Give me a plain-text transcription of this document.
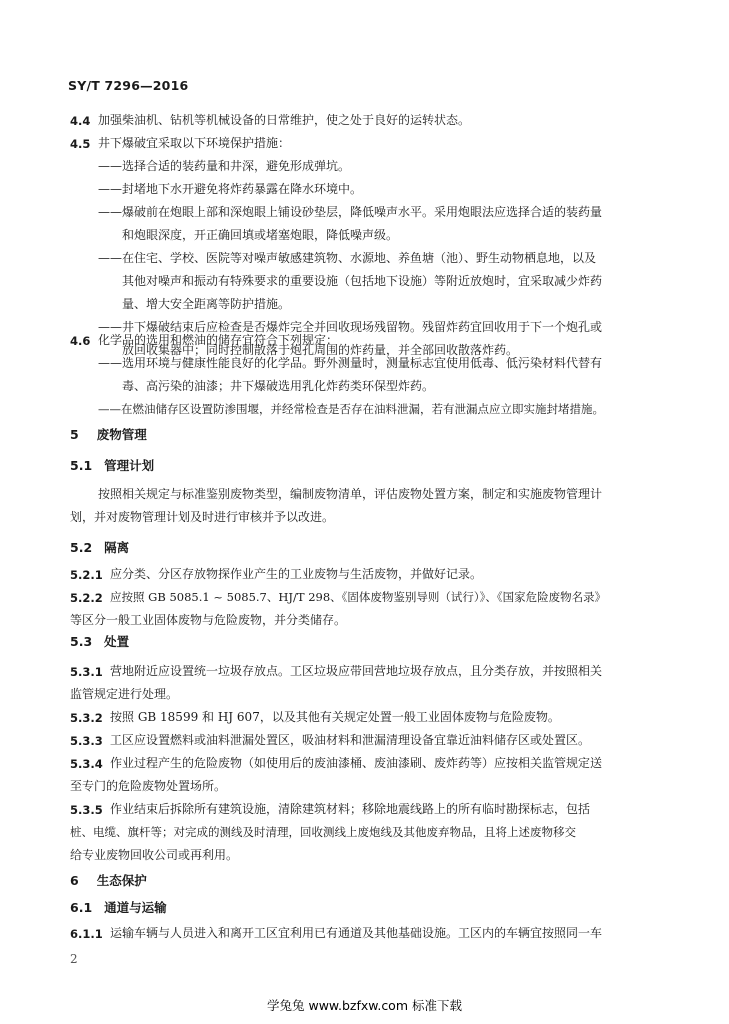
SY/T 7296—2016
4.4 加强柴油机、钻机等机械设备的日常维护，使之处于良好的运转状态。
4.5 井下爆破宜采取以下环境保护措施：
——选择合适的装药量和井深，避免形成弹坑。
——封堵地下水开避免将炸药暴露在降水环境中。
——爆破前在炮眼上部和深炮眼上铺设砂垫层，降低噪声水平。采用炮眼法应选择合适的装药量
和炮眼深度，开正确回填或堵塞炮眼，降低噪声级。
——在住宅、学校、医院等对噪声敏感建筑物、水源地、养鱼塘（池）、野生动物栖息地，以及
其他对噪声和振动有特殊要求的重要设施（包括地下设施）等附近放炮时，宜采取减少炸药
量、增大安全距离等防护措施。
——井下爆破结束后应检查是否爆炸完全并回收现场残留物。残留炸药宜回收用于下一个炮孔或
放回收集器中；同时控制散落于炮孔周围的炸药量，并全部回收散落炸药。
4.6 化学品的选用和燃油的储存宜符合下列规定：
——选用环境与健康性能良好的化学品。野外测量时，测量标志宜使用低毒、低污染材料代替有
毒、高污染的油漆；井下爆破选用乳化炸药类环保型炸药。
——在燃油储存区设置防渗围堰，并经常检查是否存在油料泄漏，若有泄漏点应立即实施封堵措施。
5 废物管理
5.1 管理计划
按照相关规定与标准鉴别废物类型，编制废物清单，评估废物处置方案，制定和实施废物管理计
划，并对废物管理计划及时进行审核并予以改进。
5.2 隔离
5.2.1 应分类、分区存放物探作业产生的工业废物与生活废物，并做好记录。
5.2.2 应按照 GB 5085.1 ~ 5085.7、HJ/T 298、《固体废物鉴别导则（试行）》、《国家危险废物名录》
等区分一般工业固体废物与危险废物，并分类储存。
5.3 处置
5.3.1 营地附近应设置统一垃圾存放点。工区垃圾应带回营地垃圾存放点，且分类存放，并按照相关
监管规定进行处理。
5.3.2 按照 GB 18599 和 HJ 607，以及其他有关规定处置一般工业固体废物与危险废物。
5.3.3 工区应设置燃料或油料泄漏处置区，吸油材料和泄漏清理设备宜靠近油料储存区或处置区。
5.3.4 作业过程产生的危险废物（如使用后的废油漆桶、废油漆刷、废炸药等）应按相关监管规定送
至专门的危险废物处置场所。
5.3.5 作业结束后拆除所有建筑设施，清除建筑材料；移除地震线路上的所有临时勘探标志，包括
桩、电缆、旗杆等；对完成的测线及时清理，回收测线上废炮线及其他废弃物品，且将上述废物移交
给专业废物回收公司或再利用。
6 生态保护
6.1 通道与运输
6.1.1 运输车辆与人员进入和离开工区宜利用已有通道及其他基础设施。工区内的车辆宜按照同一车
2
学兔兔 www.bzfxw.com 标准下载
